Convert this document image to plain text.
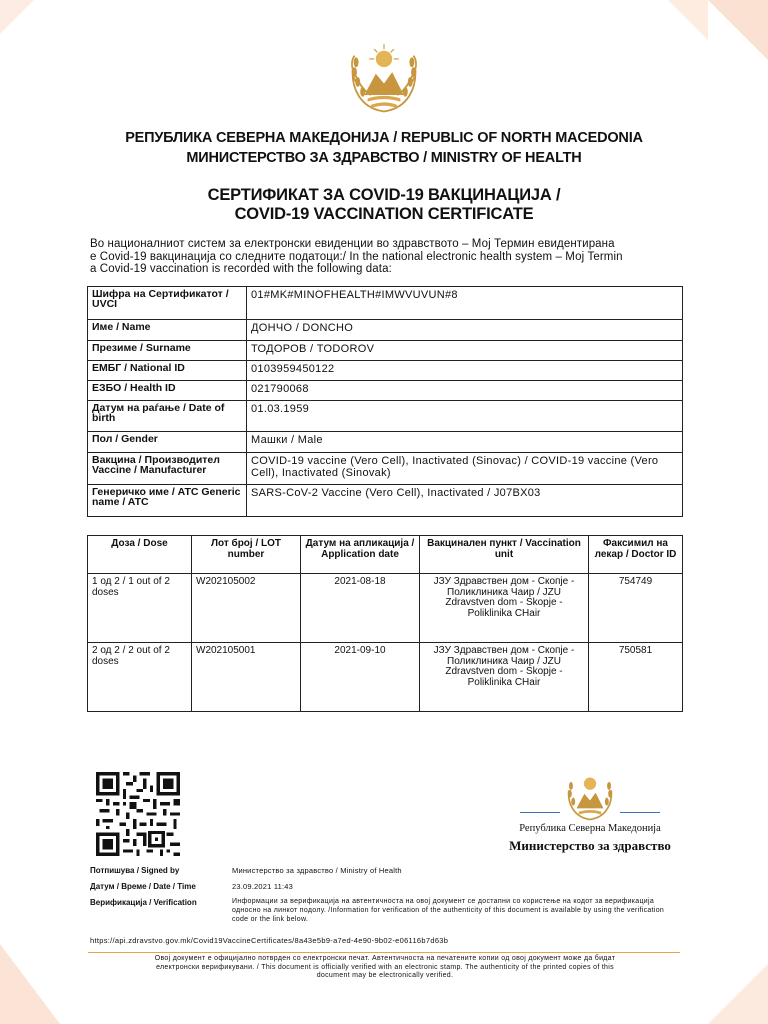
РЕПУБЛИКА СЕВЕРНА МАКЕДОНИЈА / REPUBLIC OF NORTH MACEDONIA
МИНИСТЕРСТВО ЗА ЗДРАВСТВО / MINISTRY OF HEALTH
СЕРТИФИКАТ ЗА COVID-19 ВАКЦИНАЦИЈА /
COVID-19 VACCINATION CERTIFICATE
Во националниот систем за електронски евиденции во здравството – Мој Термин евидентирана
е Covid-19 вакцинација со следните податоци:/ In the national electronic health system – Мој Termin
a Covid-19 vaccination is recorded with the following data:
Шифра на Сертификатот / UVCI	01#MK#MINOFHEALTH#IMWVUVUN#8
Име / Name	ДОНЧО / DONCHO
Презиме / Surname	ТОДОРОВ / TODOROV
ЕМБГ / National ID	0103959450122
ЕЗБО / Health ID	021790068
Датум на раѓање / Date of birth	01.03.1959
Пол / Gender	Машки / Male
Вакцина / Производител Vaccine / Manufacturer	COVID-19 vaccine (Vero Cell), Inactivated (Sinovac) / COVID-19 vaccine (Vero Cell), Inactivated (Sinovak)
Генеричко име / ATC Generic name / ATC	SARS-CoV-2 Vaccine (Vero Cell), Inactivated / J07BX03
Доза / Dose	Лот број / LOT number	Датум на апликација / Application date	Вакцинален пункт / Vaccination unit	Факсимил на лекар / Doctor ID
1 од 2 / 1 out of 2 doses	W202105002	2021-08-18	ЈЗУ Здравствен дом - Скопје - Поликлиника Чаир / JZU Zdravstven dom - Skopje - Poliklinika CHair	754749
2 од 2 / 2 out of 2 doses	W202105001	2021-09-10	ЈЗУ Здравствен дом - Скопје - Поликлиника Чаир / JZU Zdravstven dom - Skopje - Poliklinika CHair	750581
Република Северна Македонија
Министерство за здравство
Потпишува / Signed by	Министерство за здравство / Ministry of Health
Датум / Време / Date / Time	23.09.2021 11:43
Верификација / Verification	Информации за верификација на автентичноста на овој документ се достапни со користење на кодот за верификација односно на линкот подолу. /Information for verification of the authenticity of this document is available by using the verification code or the link below.
https://api.zdravstvo.gov.mk/Covid19VaccineCertificates/8a43e5b9-a7ed-4e90-9b02-e06116b7d63b
Овој документ е официјално потврден со електронски печат. Автентичноста на печатените копии од овој документ може да бидат електронски верификувани. / This document is officially verified with an electronic stamp. The authenticity of the printed copies of this document may be electronically verified.
